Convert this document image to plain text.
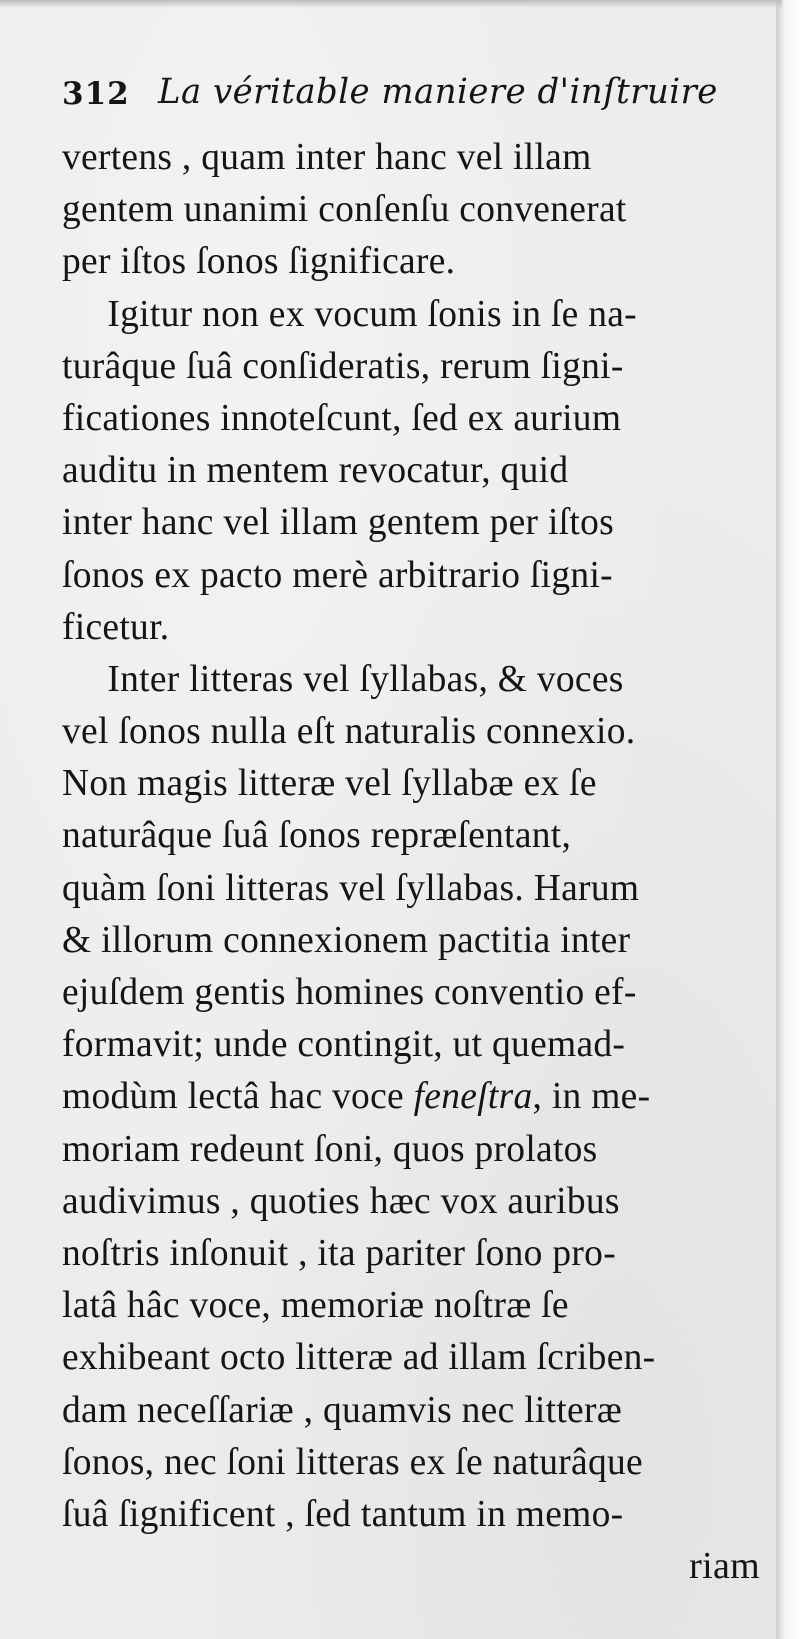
312 La véritable maniere d'inſtruire
vertens , quam inter hanc vel illam
gentem unanimi conſenſu convenerat
per iſtos ſonos ſignificare.
Igitur non ex vocum ſonis in ſe na-
turâque ſuâ conſideratis, rerum ſigni-
ficationes innoteſcunt, ſed ex aurium
auditu in mentem revocatur, quid
inter hanc vel illam gentem per iſtos
ſonos ex pacto merè arbitrario ſigni-
ficetur.
Inter litteras vel ſyllabas, & voces
vel ſonos nulla eſt naturalis connexio.
Non magis litteræ vel ſyllabæ ex ſe
naturâque ſuâ ſonos repræſentant,
quàm ſoni litteras vel ſyllabas. Harum
& illorum connexionem pactitia inter
ejuſdem gentis homines conventio ef-
formavit; unde contingit, ut quemad-
modùm lectâ hac voce feneſtra, in me-
moriam redeunt ſoni, quos prolatos
audivimus , quoties hæc vox auribus
noſtris inſonuit , ita pariter ſono pro-
latâ hâc voce, memoriæ noſtræ ſe
exhibeant octo litteræ ad illam ſcriben-
dam neceſſariæ , quamvis nec litteræ
ſonos, nec ſoni litteras ex ſe naturâque
ſuâ ſignificent , ſed tantum in memo-
riam
